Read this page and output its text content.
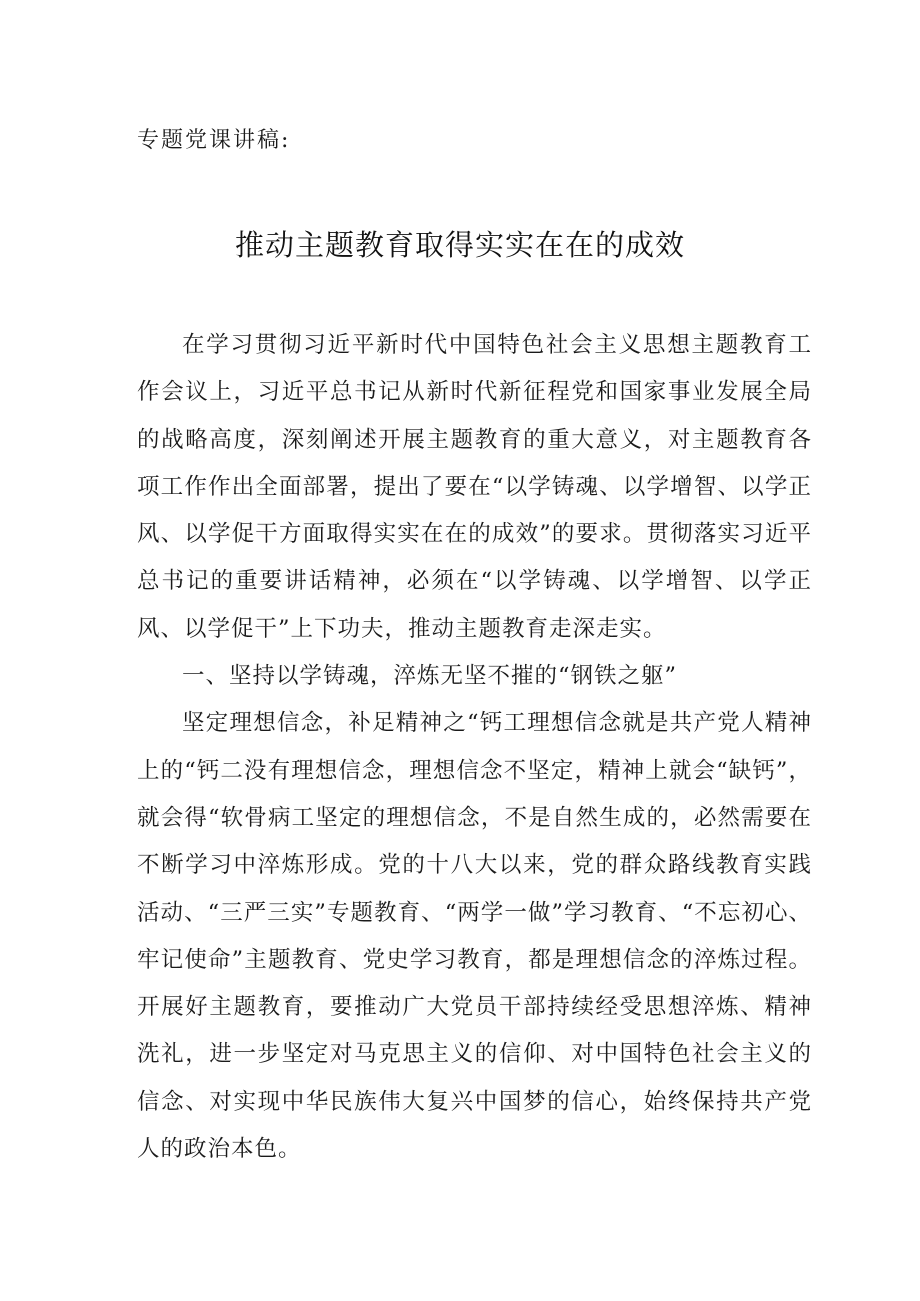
专题党课讲稿:
推动主题教育取得实实在在的成效

在学习贯彻习近平新时代中国特色社会主义思想主题教育工作会议上，习近平总书记从新时代新征程党和国家事业发展全局的战略高度，深刻阐述开展主题教育的重大意义，对主题教育各项工作作出全面部署，提出了要在“以学铸魂、以学增智、以学正风、以学促干方面取得实实在在的成效”的要求。贯彻落实习近平总书记的重要讲话精神，必须在“以学铸魂、以学增智、以学正风、以学促干”上下功夫，推动主题教育走深走实。

一、坚持以学铸魂，淬炼无坚不摧的“钢铁之躯”

坚定理想信念，补足精神之“钙工理想信念就是共产党人精神上的“钙二没有理想信念，理想信念不坚定，精神上就会“缺钙”，就会得“软骨病工坚定的理想信念，不是自然生成的，必然需要在不断学习中淬炼形成。党的十八大以来，党的群众路线教育实践活动、“三严三实”专题教育、“两学一做”学习教育、“不忘初心、牢记使命”主题教育、党史学习教育，都是理想信念的淬炼过程。开展好主题教育，要推动广大党员干部持续经受思想淬炼、精神洗礼，进一步坚定对马克思主义的信仰、对中国特色社会主义的信念、对实现中华民族伟大复兴中国梦的信心，始终保持共产党人的政治本色。
